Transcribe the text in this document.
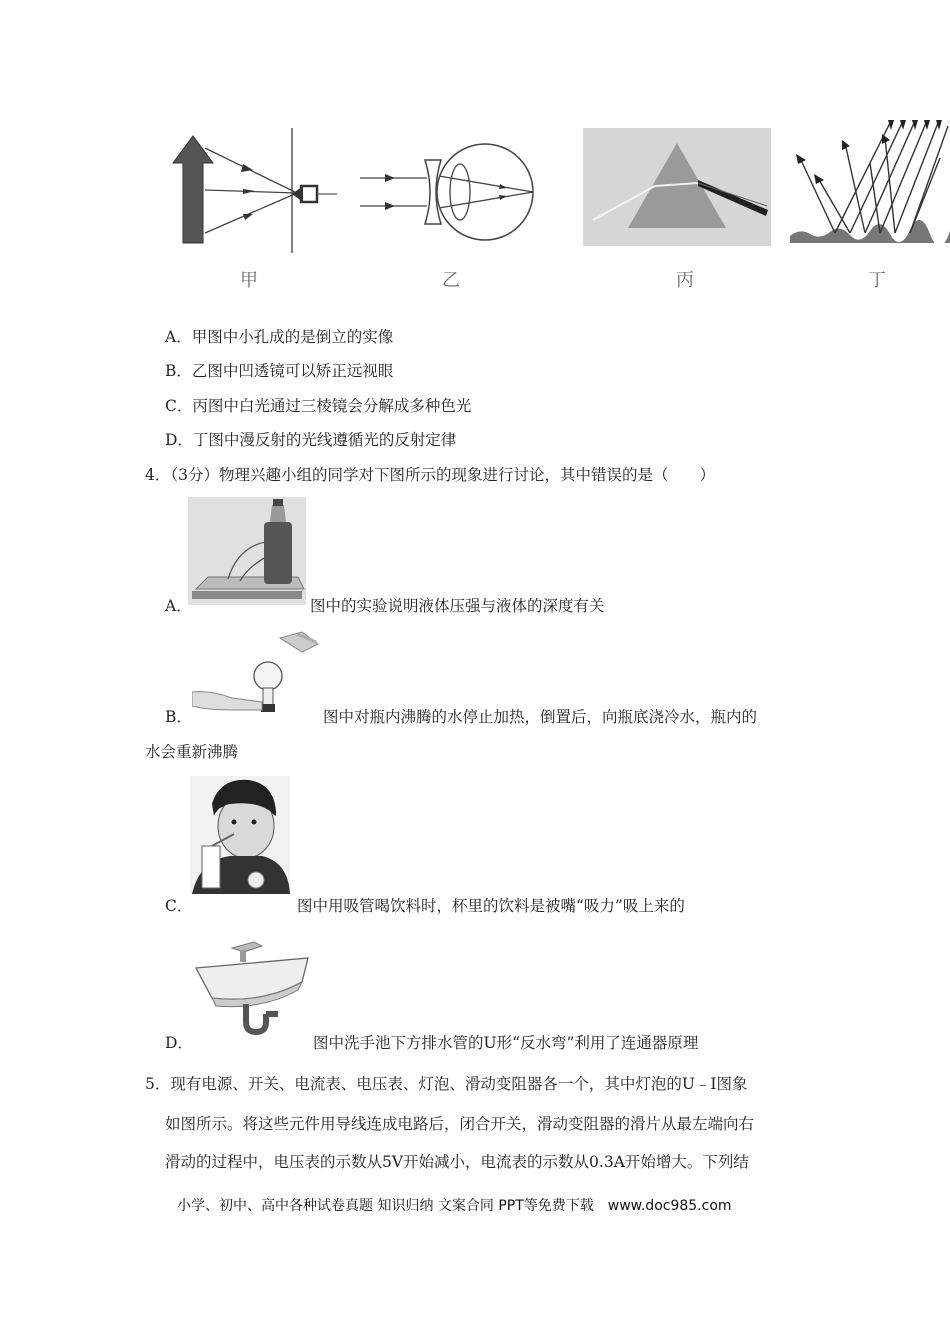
甲	乙	丙	丁
A．甲图中小孔成的是倒立的实像
B．乙图中凹透镜可以矫正远视眼
C．丙图中白光通过三棱镜会分解成多种色光
D．丁图中漫反射的光线遵循光的反射定律
4．（3分）物理兴趣小组的同学对下图所示的现象进行讨论，其中错误的是（　　）
A．	图中的实验说明液体压强与液体的深度有关
B．	图中对瓶内沸腾的水停止加热，倒置后，向瓶底浇冷水，瓶内的
水会重新沸腾
C．	图中用吸管喝饮料时，杯里的饮料是被嘴“吸力”吸上来的
D．	图中洗手池下方排水管的U形“反水弯”利用了连通器原理
5．现有电源、开关、电流表、电压表、灯泡、滑动变阻器各一个，其中灯泡的U﹣I图象
如图所示。将这些元件用导线连成电路后，闭合开关，滑动变阻器的滑片从最左端向右
滑动的过程中，电压表的示数从5V开始减小，电流表的示数从0.3A开始增大。下列结
小学、初中、高中各种试卷真题 知识归纳 文案合同 PPT等免费下载　www.doc985.com
